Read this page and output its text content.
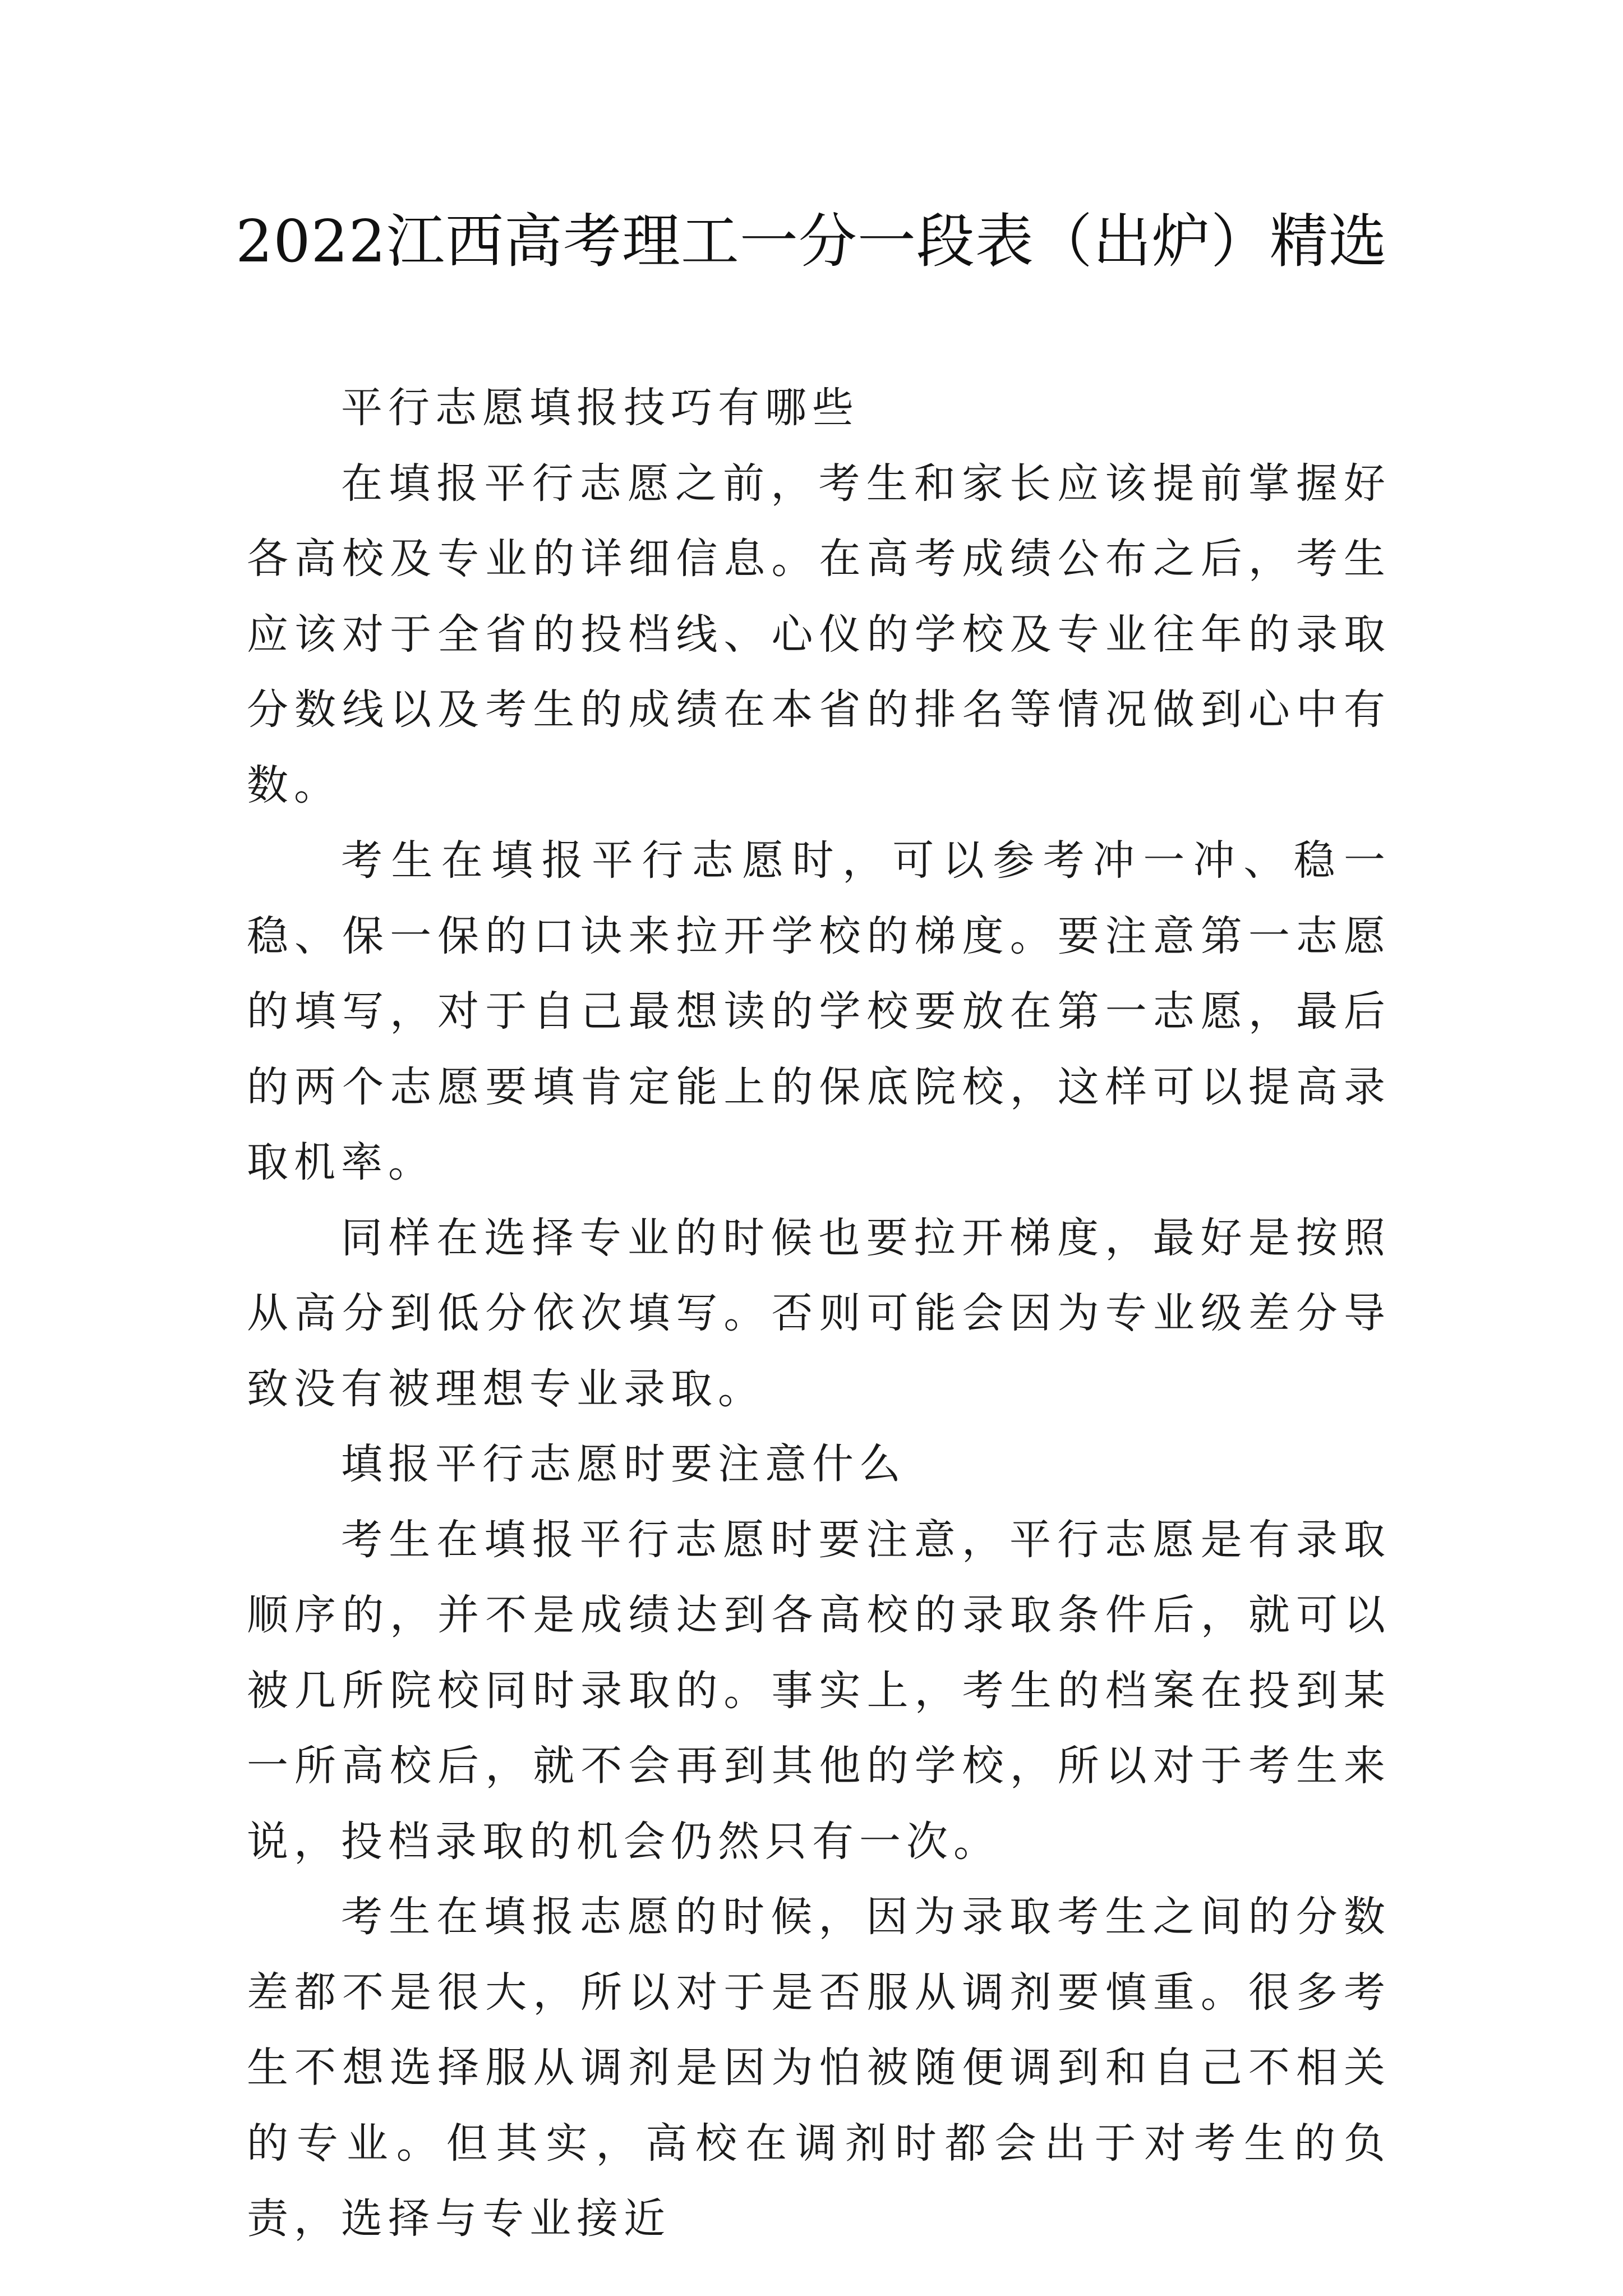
2022江西高考理工一分一段表（出炉）精选

平行志愿填报技巧有哪些

在填报平行志愿之前，考生和家长应该提前掌握好各高校及专业的详细信息。在高考成绩公布之后，考生应该对于全省的投档线、心仪的学校及专业往年的录取分数线以及考生的成绩在本省的排名等情况做到心中有数。

考生在填报平行志愿时，可以参考冲一冲、稳一稳、保一保的口诀来拉开学校的梯度。要注意第一志愿的填写，对于自己最想读的学校要放在第一志愿，最后的两个志愿要填肯定能上的保底院校，这样可以提高录取机率。

同样在选择专业的时候也要拉开梯度，最好是按照从高分到低分依次填写。否则可能会因为专业级差分导致没有被理想专业录取。

填报平行志愿时要注意什么

考生在填报平行志愿时要注意，平行志愿是有录取顺序的，并不是成绩达到各高校的录取条件后，就可以被几所院校同时录取的。事实上，考生的档案在投到某一所高校后，就不会再到其他的学校，所以对于考生来说，投档录取的机会仍然只有一次。

考生在填报志愿的时候，因为录取考生之间的分数差都不是很大，所以对于是否服从调剂要慎重。很多考生不想选择服从调剂是因为怕被随便调到和自己不相关的专业。但其实，高校在调剂时都会出于对考生的负责，选择与专业接近
